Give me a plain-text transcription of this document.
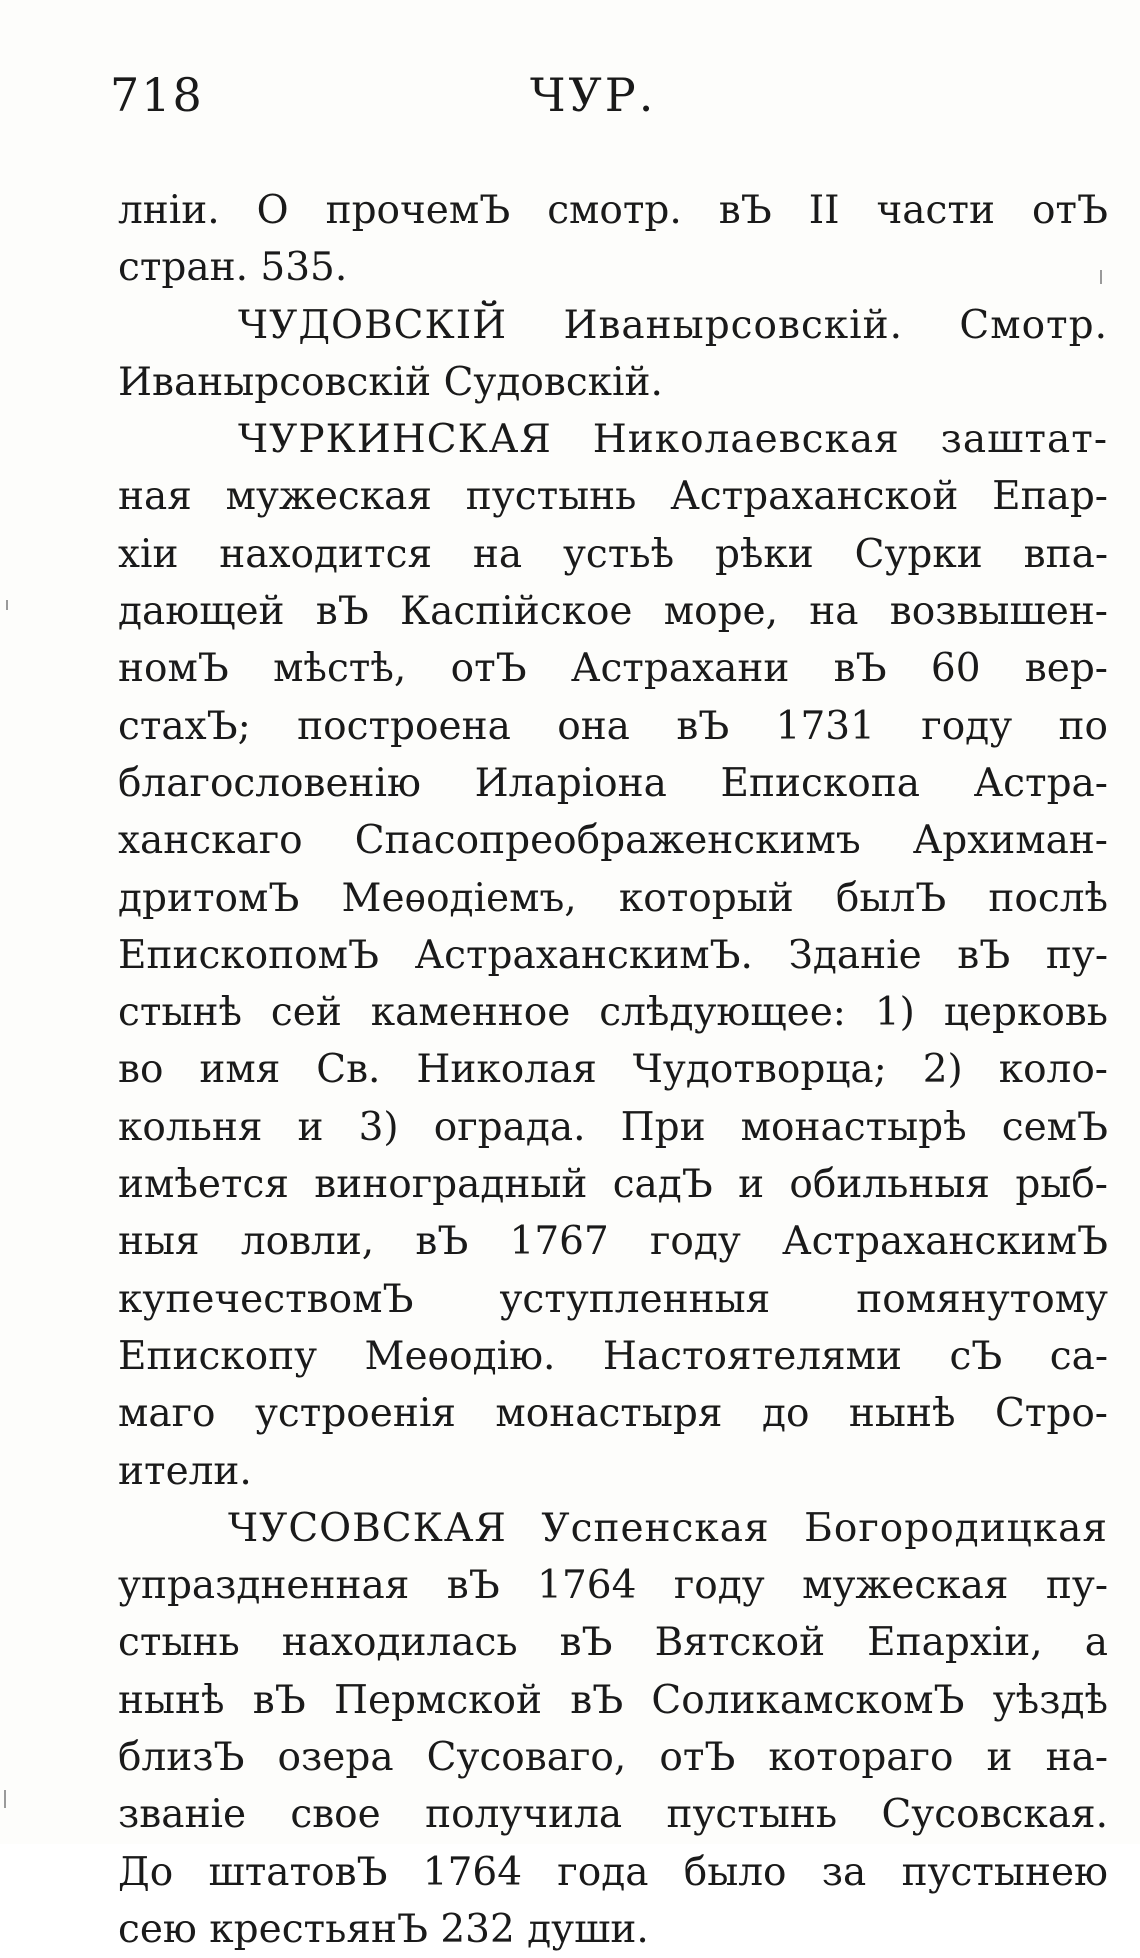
718	ЧУР.
лнiи. О прочемЪ смотр. вЪ II части отЪ
стран. 535.
ЧУДОВСКIЙ Иваныpсовскiй. Смотр.
Иваныpсовскiй Судовскiй.
ЧУРКИНСКАЯ Николаевская заштат-
ная мужеская пустынь Астраханской Епар-
хiи находится на устьѣ рѣки Сурки впа-
дающей вЪ Каспiйское море, на возвышен-
номЪ мѣстѣ, отЪ Астрахани вЪ 60 вер-
стахЪ; построена она вЪ 1731 году по
благословенiю Иларiона Епископа Астра-
ханскаго Спасопреображенскимъ Архиман-
дритомЪ Меѳодiемъ, который былЪ послѣ
ЕпископомЪ АстраханскимЪ. Зданiе вЪ пу-
стынѣ сей каменное слѣдующее: 1) церковь
во имя Св. Николая Чудотворца; 2) коло-
кольня и 3) ограда. При монастырѣ семЪ
имѣется виноградный садЪ и обильныя рыб-
ныя ловли, вЪ 1767 году АстраханскимЪ
купечествомЪ уступленныя помянутому
Епископу Меѳодiю. Настоятелями сЪ са-
маго устроенiя монастыря до нынѣ Стро-
ители.
ЧУСОВСКАЯ Успенская Богородицкая
упраздненная вЪ 1764 году мужеская пу-
стынь находилась вЪ Вятской Епархiи, а
нынѣ вЪ Пермской вЪ СоликамскомЪ уѣздѣ
близЪ озера Сусоваго, отЪ котораго и на-
званiе свое получила пустынь Сусовская.
До штатовЪ 1764 года было за пустынею
сею крестьянЪ 232 души.
